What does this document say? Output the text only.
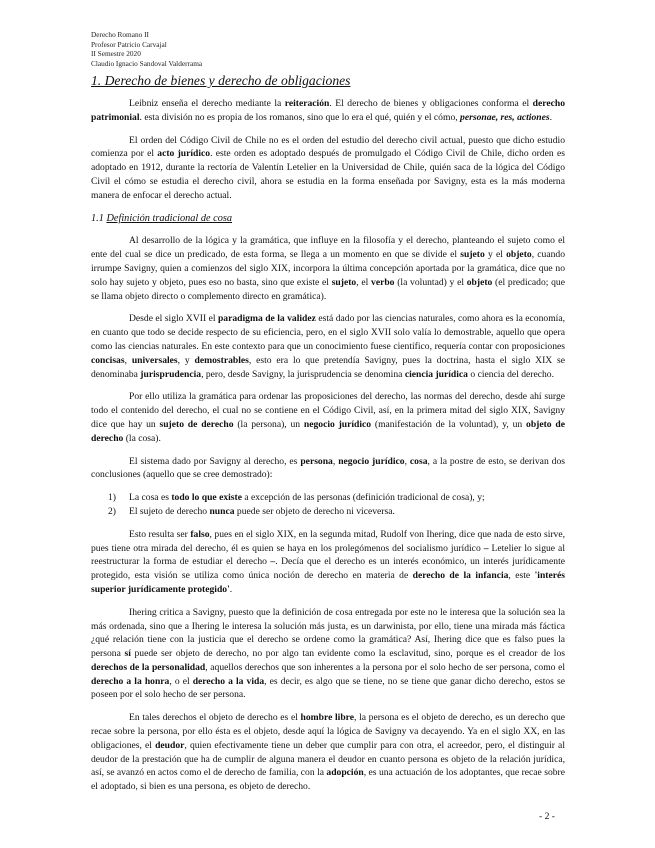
Derecho Romano II
Profesor Patricio Carvajal
II Semestre 2020
Claudio Ignacio Sandoval Valderrama
1. Derecho de bienes y derecho de obligaciones

Leibniz enseña el derecho mediante la reiteración. El derecho de bienes y obligaciones conforma el derecho patrimonial. esta división no es propia de los romanos, sino que lo era el qué, quién y el cómo, personae, res, actiones.

El orden del Código Civil de Chile no es el orden del estudio del derecho civil actual, puesto que dicho estudio comienza por el acto jurídico. este orden es adoptado después de promulgado el Código Civil de Chile, dicho orden es adoptado en 1912, durante la rectoría de Valentín Letelier en la Universidad de Chile, quién saca de la lógica del Código Civil el cómo se estudia el derecho civil, ahora se estudia en la forma enseñada por Savigny, esta es la más moderna manera de enfocar el derecho actual.

1.1 Definición tradicional de cosa

Al desarrollo de la lógica y la gramática, que influye en la filosofía y el derecho, planteando el sujeto como el ente del cual se dice un predicado, de esta forma, se llega a un momento en que se divide el sujeto y el objeto, cuando irrumpe Savigny, quien a comienzos del siglo XIX, incorpora la última concepción aportada por la gramática, dice que no solo hay sujeto y objeto, pues eso no basta, sino que existe el sujeto, el verbo (la voluntad) y el objeto (el predicado; que se llama objeto directo o complemento directo en gramática).

Desde el siglo XVII el paradigma de la validez está dado por las ciencias naturales, como ahora es la economía, en cuanto que todo se decide respecto de su eficiencia, pero, en el siglo XVII solo valía lo demostrable, aquello que opera como las ciencias naturales. En este contexto para que un conocimiento fuese científico, requería contar con proposiciones concisas, universales, y demostrables, esto era lo que pretendía Savigny, pues la doctrina, hasta el siglo XIX se denominaba jurisprudencia, pero, desde Savigny, la jurisprudencia se denomina ciencia jurídica o ciencia del derecho.

Por ello utiliza la gramática para ordenar las proposiciones del derecho, las normas del derecho, desde ahí surge todo el contenido del derecho, el cual no se contiene en el Código Civil, así, en la primera mitad del siglo XIX, Savigny dice que hay un sujeto de derecho (la persona), un negocio jurídico (manifestación de la voluntad), y, un objeto de derecho (la cosa).

El sistema dado por Savigny al derecho, es persona, negocio jurídico, cosa, a la postre de esto, se derivan dos conclusiones (aquello que se cree demostrado):

1) La cosa es todo lo que existe a excepción de las personas (definición tradicional de cosa), y;
2) El sujeto de derecho nunca puede ser objeto de derecho ni viceversa.

Esto resulta ser falso, pues en el siglo XIX, en la segunda mitad, Rudolf von Ihering, dice que nada de esto sirve, pues tiene otra mirada del derecho, él es quien se haya en los prolegómenos del socialismo jurídico – Letelier lo sigue al reestructurar la forma de estudiar el derecho –. Decía que el derecho es un interés económico, un interés jurídicamente protegido, esta visión se utiliza como única noción de derecho en materia de derecho de la infancia, este 'interés superior jurídicamente protegido'.

Ihering critica a Savigny, puesto que la definición de cosa entregada por este no le interesa que la solución sea la más ordenada, sino que a Ihering le interesa la solución más justa, es un darwinista, por ello, tiene una mirada más fáctica ¿qué relación tiene con la justicia que el derecho se ordene como la gramática? Así, Ihering dice que es falso pues la persona sí puede ser objeto de derecho, no por algo tan evidente como la esclavitud, sino, porque es el creador de los derechos de la personalidad, aquellos derechos que son inherentes a la persona por el solo hecho de ser persona, como el derecho a la honra, o el derecho a la vida, es decir, es algo que se tiene, no se tiene que ganar dicho derecho, estos se poseen por el solo hecho de ser persona.

En tales derechos el objeto de derecho es el hombre libre, la persona es el objeto de derecho, es un derecho que recae sobre la persona, por ello ésta es el objeto, desde aquí la lógica de Savigny va decayendo. Ya en el siglo XX, en las obligaciones, el deudor, quien efectivamente tiene un deber que cumplir para con otra, el acreedor, pero, el distinguir al deudor de la prestación que ha de cumplir de alguna manera el deudor en cuanto persona es objeto de la relación jurídica, así, se avanzó en actos como el de derecho de familia, con la adopción, es una actuación de los adoptantes, que recae sobre el adoptado, si bien es una persona, es objeto de derecho.

- 2 -
